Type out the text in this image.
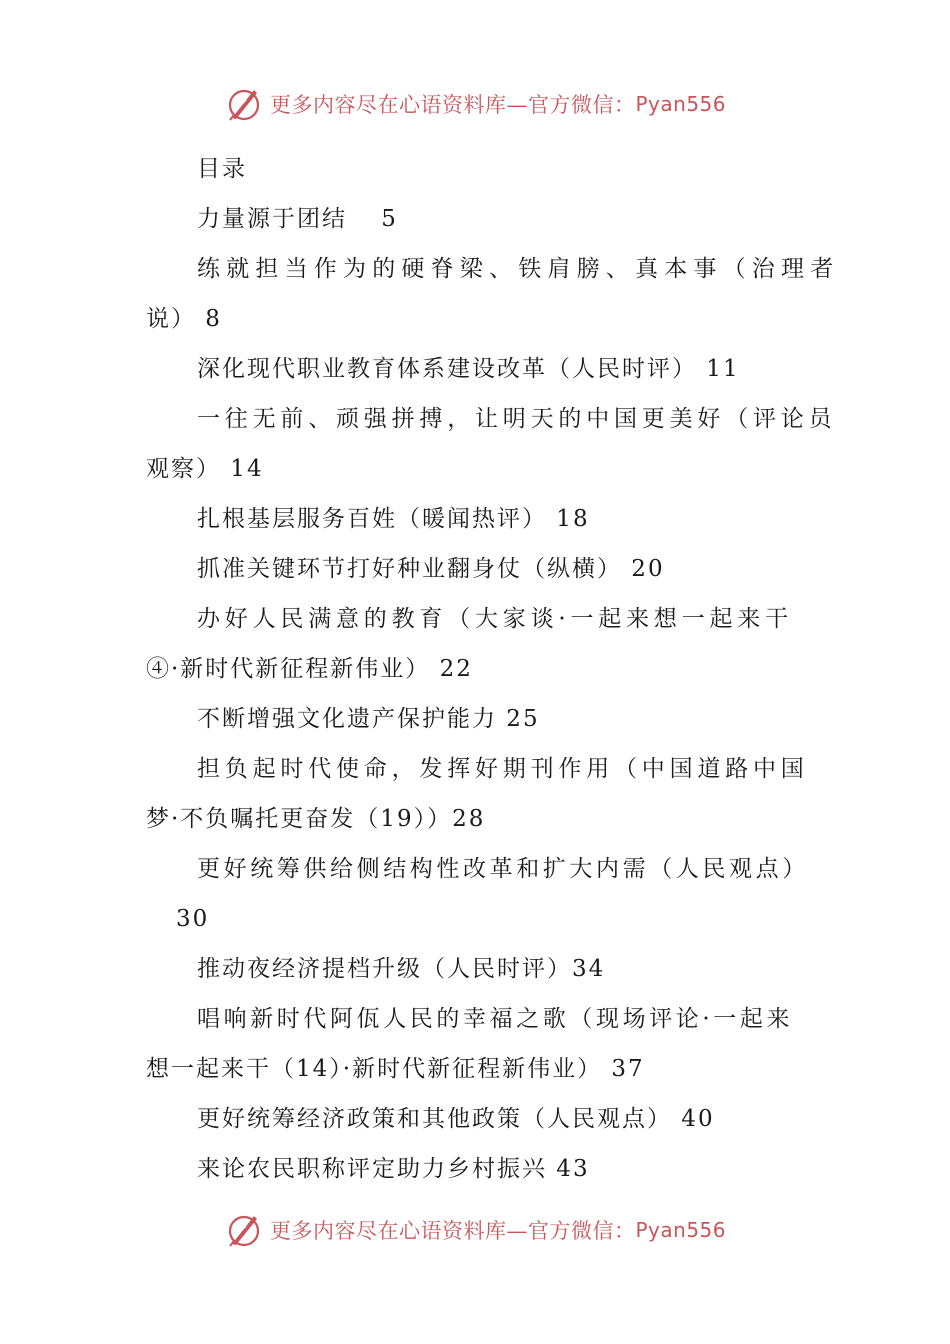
更多内容尽在心语资料库—官方微信： Pyan556
目录
力量源于团结　 5
练就担当作为的硬脊梁、铁肩膀、真本事（治理者
说） 8
深化现代职业教育体系建设改革（人民时评） 11
一往无前、顽强拼搏，让明天的中国更美好（评论员
观察） 14
扎根基层服务百姓（暖闻热评） 18
抓准关键环节打好种业翻身仗（纵横） 20
办好人民满意的教育（大家谈·一起来想一起来干
④·新时代新征程新伟业） 22
不断增强文化遗产保护能力 25
担负起时代使命，发挥好期刊作用（中国道路中国
梦·不负嘱托更奋发（19））28
更好统筹供给侧结构性改革和扩大内需（人民观点）
30
推动夜经济提档升级（人民时评）34
唱响新时代阿佤人民的幸福之歌（现场评论·一起来
想一起来干（14）·新时代新征程新伟业） 37
更好统筹经济政策和其他政策（人民观点） 40
来论农民职称评定助力乡村振兴 43
更多内容尽在心语资料库—官方微信： Pyan556
